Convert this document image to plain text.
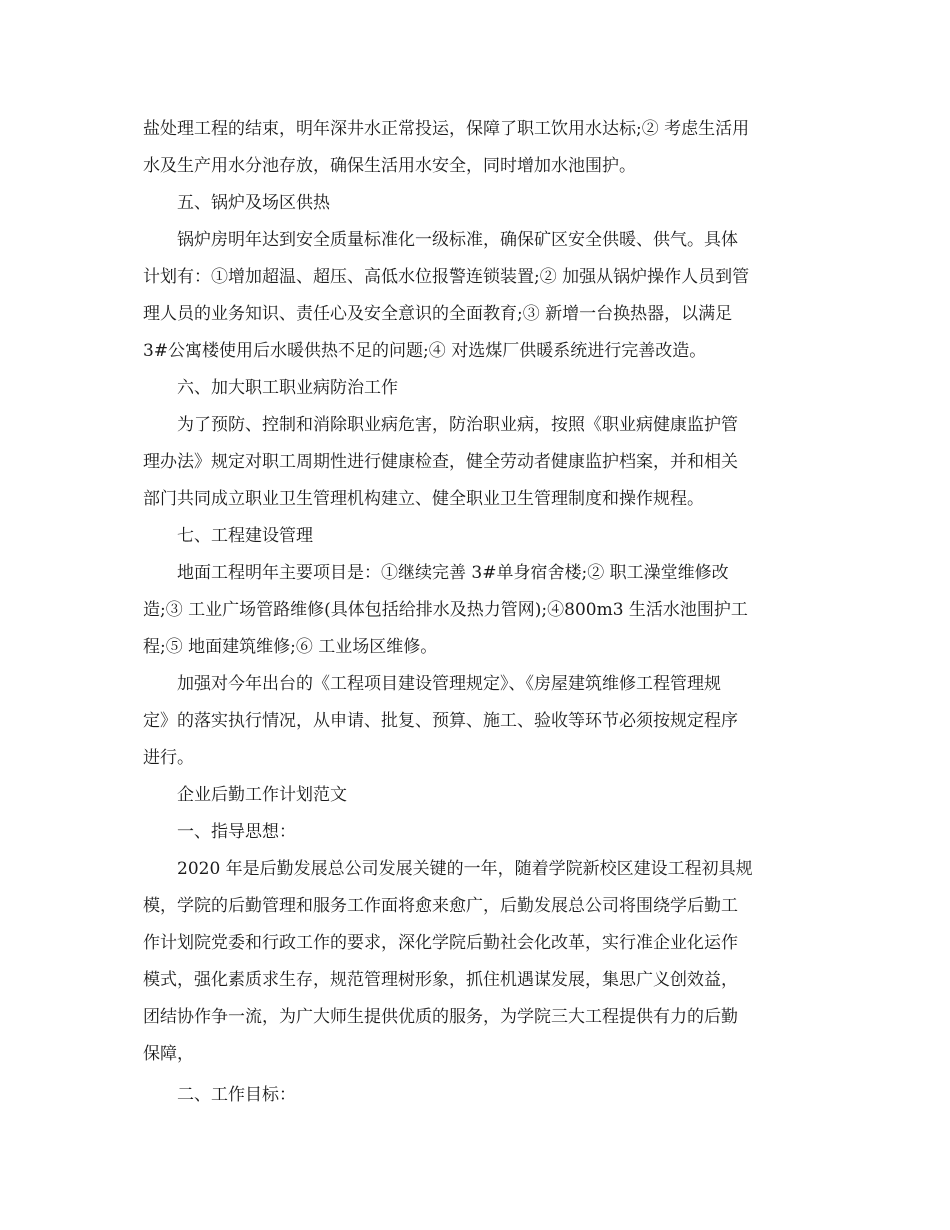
盐处理工程的结束，明年深井水正常投运，保障了职工饮用水达标;② 考虑生活用
水及生产用水分池存放，确保生活用水安全，同时增加水池围护。
五、锅炉及场区供热
锅炉房明年达到安全质量标准化一级标准，确保矿区安全供暖、供气。具体
计划有：①增加超温、超压、高低水位报警连锁装置;② 加强从锅炉操作人员到管
理人员的业务知识、责任心及安全意识的全面教育;③ 新增一台换热器，以满足
3#公寓楼使用后水暖供热不足的问题;④ 对选煤厂供暖系统进行完善改造。
六、加大职工职业病防治工作
为了预防、控制和消除职业病危害，防治职业病，按照《职业病健康监护管
理办法》规定对职工周期性进行健康检查，健全劳动者健康监护档案，并和相关
部门共同成立职业卫生管理机构建立、健全职业卫生管理制度和操作规程。
七、工程建设管理
地面工程明年主要项目是：①继续完善 3#单身宿舍楼;② 职工澡堂维修改
造;③ 工业广场管路维修(具体包括给排水及热力管网);④800m3 生活水池围护工
程;⑤ 地面建筑维修;⑥ 工业场区维修。
加强对今年出台的《工程项目建设管理规定》、《房屋建筑维修工程管理规
定》的落实执行情况，从申请、批复、预算、施工、验收等环节必须按规定程序
进行。
企业后勤工作计划范文
一、指导思想：
2020 年是后勤发展总公司发展关键的一年，随着学院新校区建设工程初具规
模，学院的后勤管理和服务工作面将愈来愈广，后勤发展总公司将围绕学后勤工
作计划院党委和行政工作的要求，深化学院后勤社会化改革，实行准企业化运作
模式，强化素质求生存，规范管理树形象，抓住机遇谋发展，集思广义创效益，
团结协作争一流，为广大师生提供优质的服务，为学院三大工程提供有力的后勤
保障，
二、工作目标：
